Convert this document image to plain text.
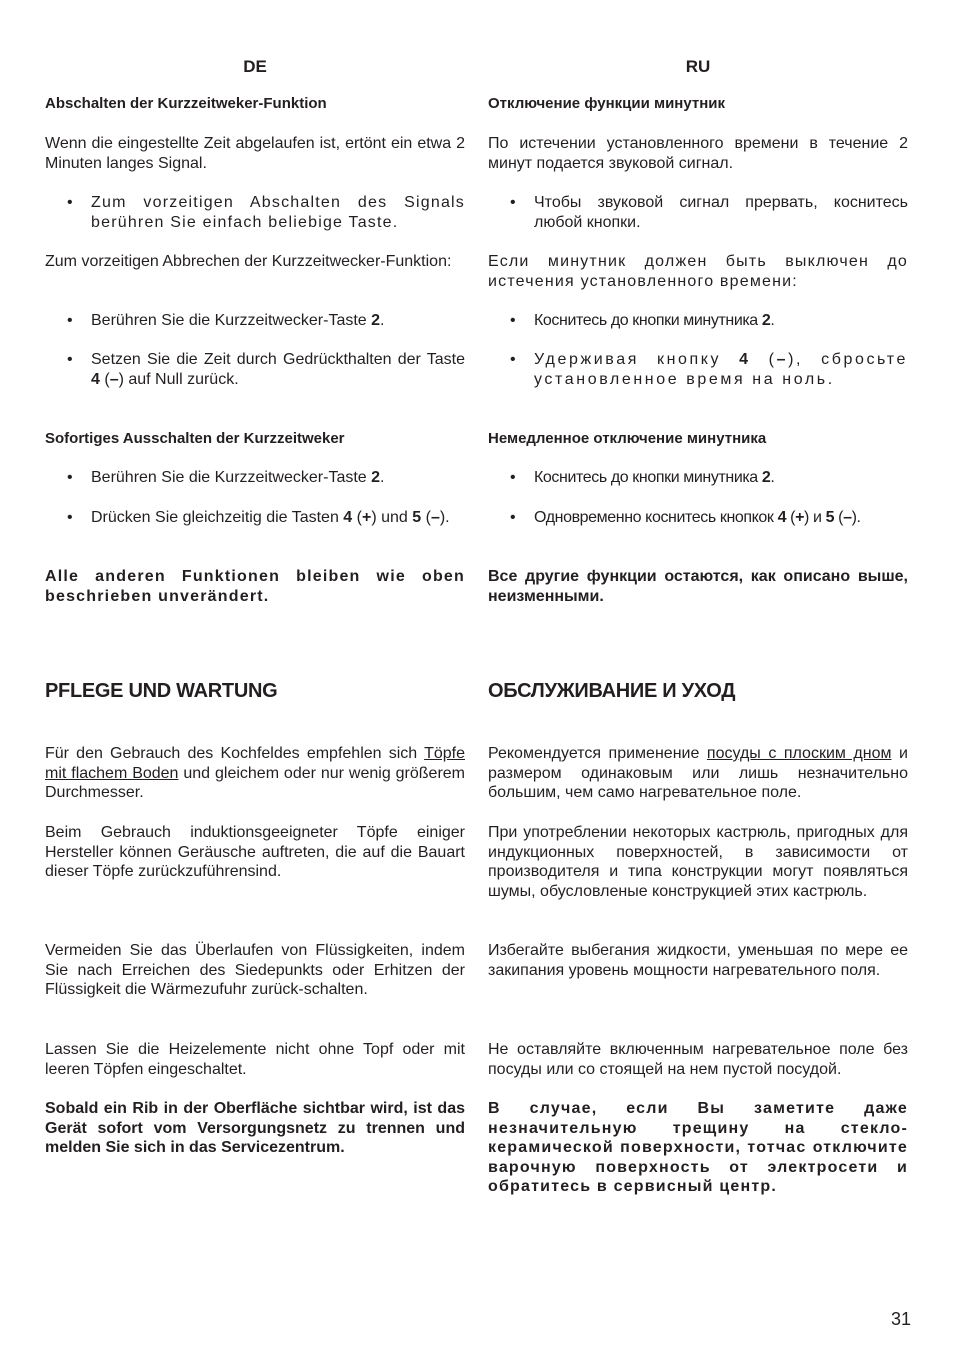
DE
Abschalten der Kurzzeitweker-Funktion
Wenn die eingestellte Zeit abgelaufen ist, ertönt ein etwa 2 Minuten langes Signal.
• Zum vorzeitigen Abschalten des Signals berühren Sie einfach beliebige Taste.
Zum vorzeitigen Abbrechen der Kurzzeitwecker-Funktion:
• Berühren Sie die Kurzzeitwecker-Taste 2.
• Setzen Sie die Zeit durch Gedrückthalten der Taste 4 (–) auf Null zurück.
Sofortiges Ausschalten der Kurzzeitweker
• Berühren Sie die Kurzzeitwecker-Taste 2.
• Drücken Sie gleichzeitig die Tasten 4 (+) und 5 (–).
Alle anderen Funktionen bleiben wie oben beschrieben unverändert.
PFLEGE UND WARTUNG
Für den Gebrauch des Kochfeldes empfehlen sich Töpfe mit flachem Boden und gleichem oder nur wenig größerem Durchmesser.
Beim Gebrauch induktionsgeeigneter Töpfe einiger Hersteller können Geräusche auftreten, die auf die Bauart dieser Töpfe zurückzuführensind.
Vermeiden Sie das Überlaufen von Flüssigkeiten, indem Sie nach Erreichen des Siedepunkts oder Erhitzen der Flüssigkeit die Wärmezufuhr zurück-schalten.
Lassen Sie die Heizelemente nicht ohne Topf oder mit leeren Töpfen eingeschaltet.
Sobald ein Rib in der Oberfläche sichtbar wird, ist das Gerät sofort vom Versorgungsnetz zu trennen und melden Sie sich in das Servicezentrum.
RU
Отключение функции минутник
По истечении установленного времени в течение 2 минут подается звуковой сигнал.
• Чтобы звуковой сигнал прервать, коснитесь любой кнопки.
Если минутник должен быть выключен до истечения установленного времени:
• Коснитесь до кнопки минутника 2.
• Удерживая кнопку 4 (–), сбросьте установленное время на ноль.
Немедленное отключение минутника
• Коснитесь до кнопки минутника 2.
• Одновременно коснитесь кнопкок 4 (+) и 5 (–).
Все другие функции остаются, как описано выше, неизменными.
ОБСЛУЖИВАНИЕ И УХОД
Рекомендуется применение посуды с плоским дном и размером одинаковым или лишь незначительно большим, чем само нагревательное поле.
При употреблении некоторых кастрюль, пригодных для индукционных поверхностей, в зависимости от производителя и типа конструкции могут появляться шумы, обусловленые конструкцией этих кастрюль.
Избегайте выбегания жидкости, уменьшая по мере ее закипания уровень мощности нагревательного поля.
Не оставляйте включенным нагревательное поле без посуды или со стоящей на нем пустой посудой.
В случае, если Вы заметите даже незначительную трещину на стекло-керамической поверхности, тотчас отключите варочную поверхность от электросети и обратитесь в сервисный центр.
31
